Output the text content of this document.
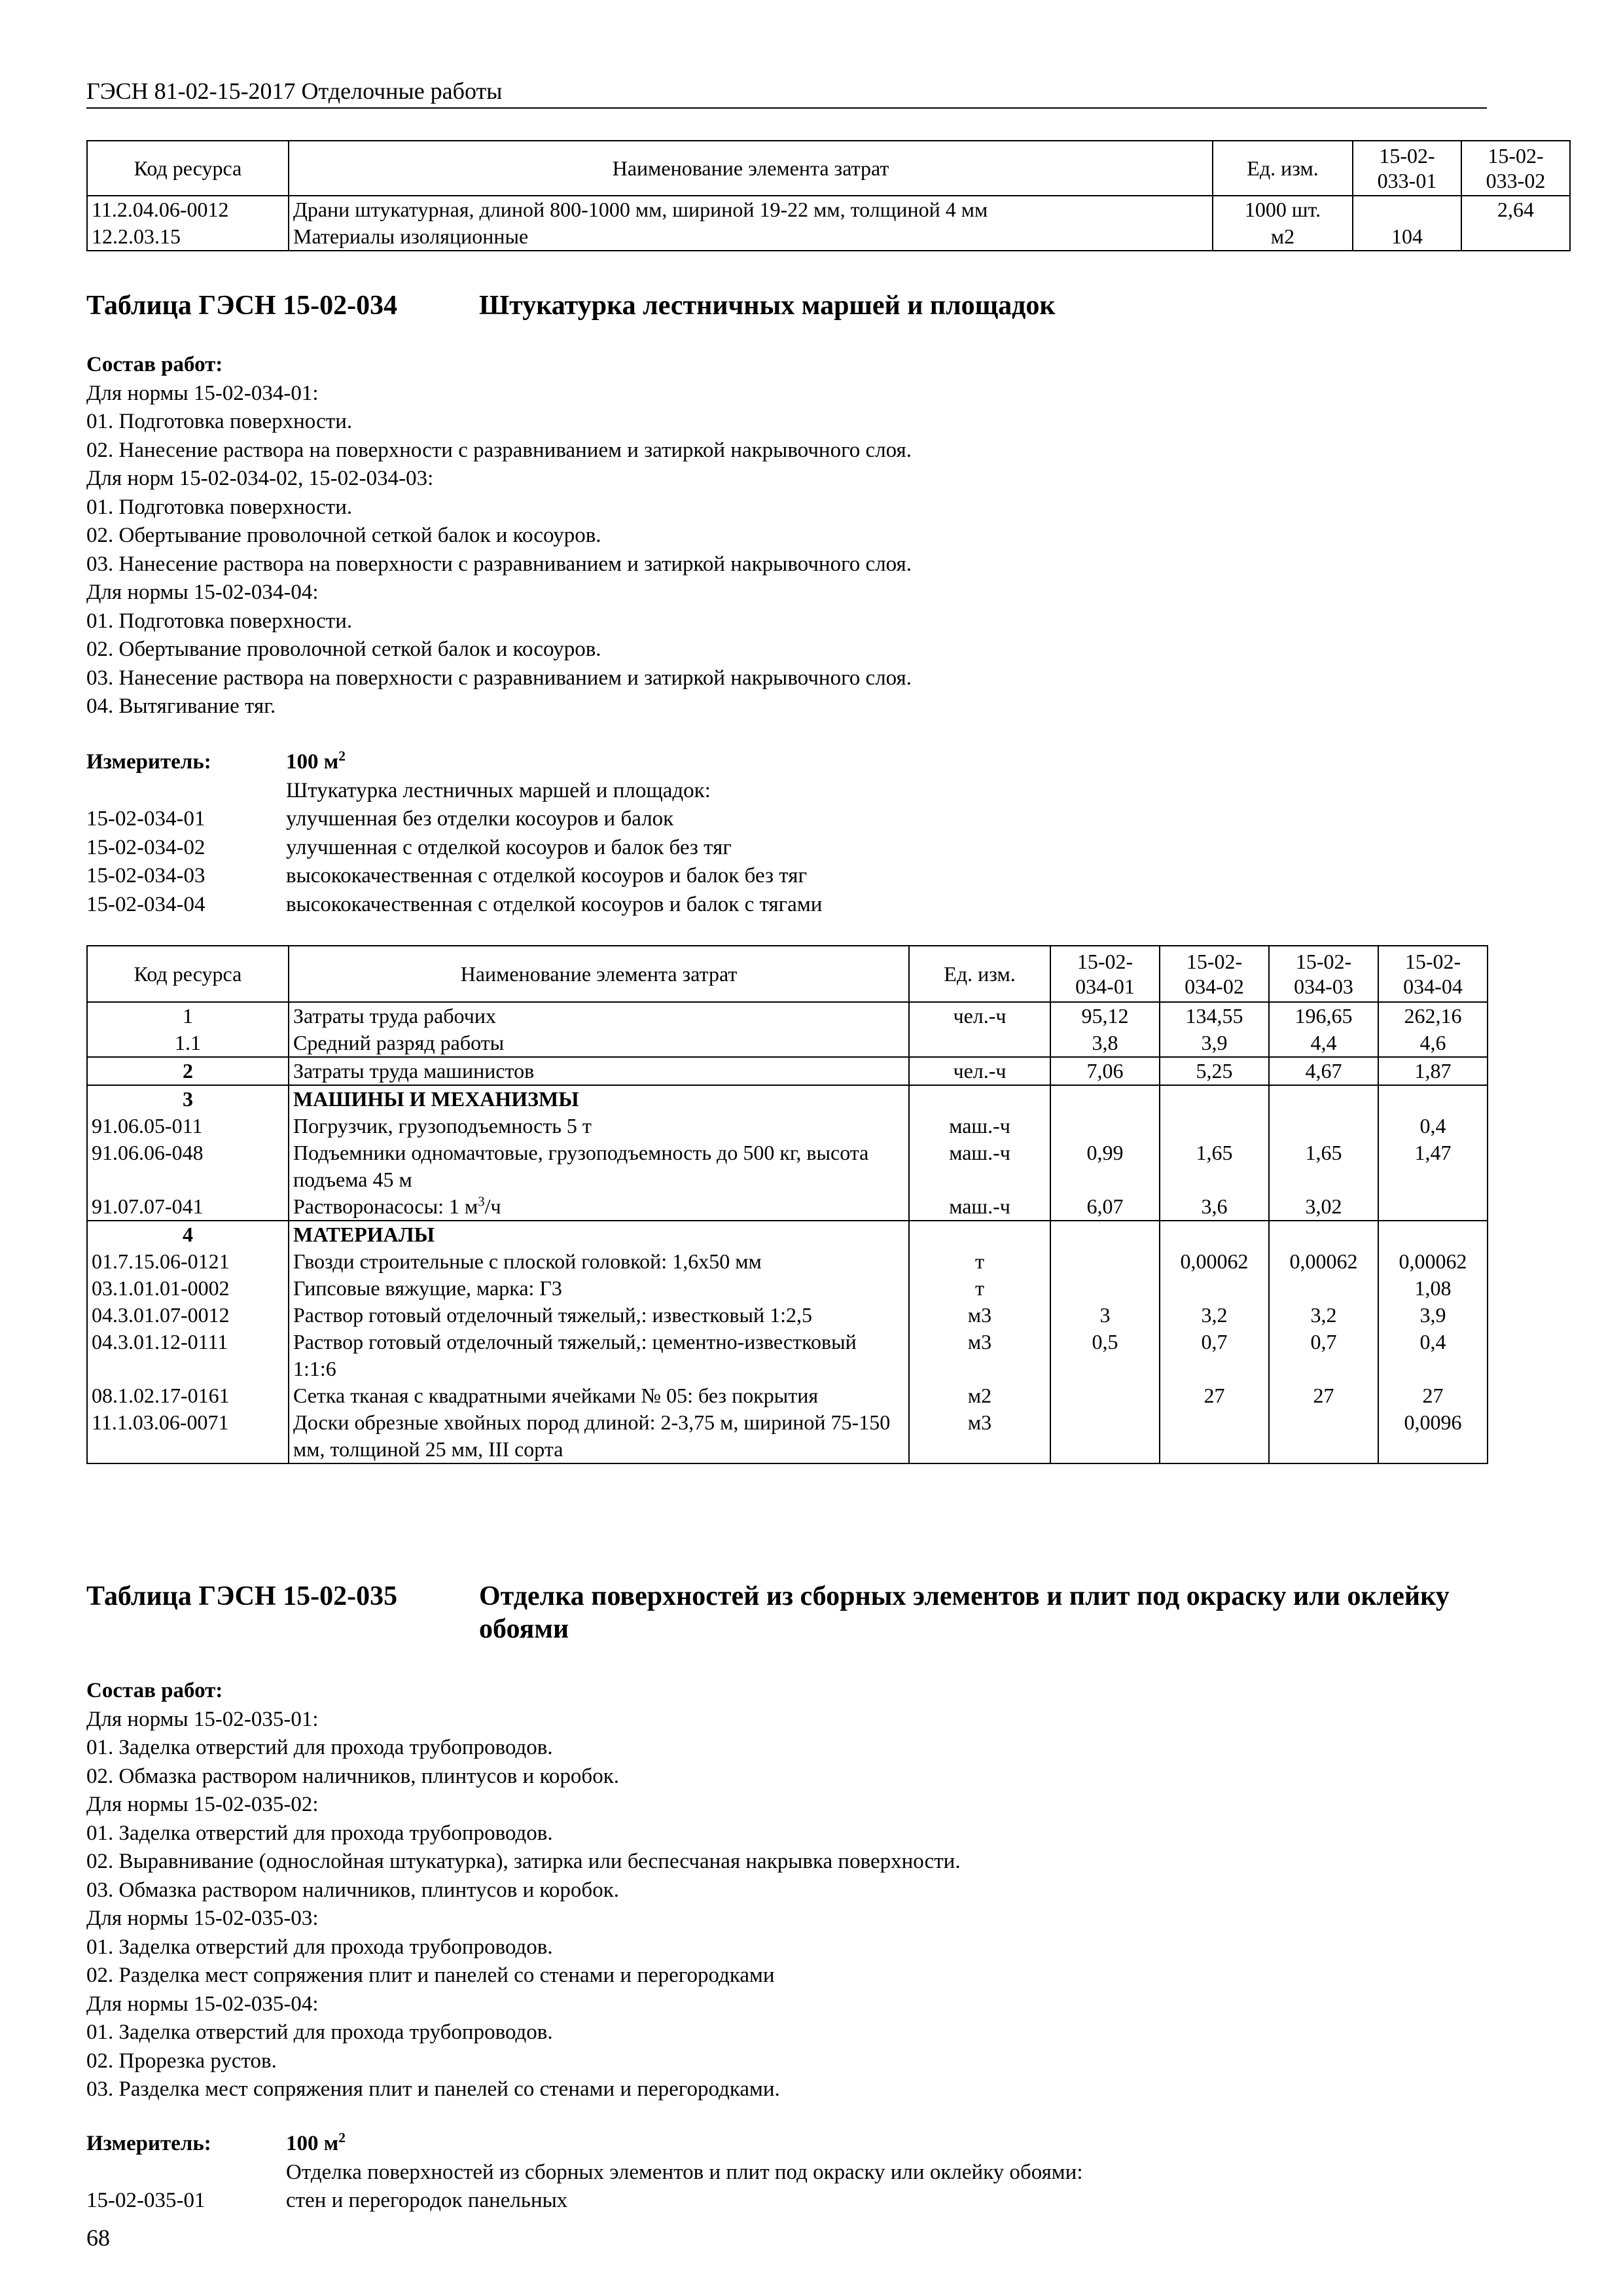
ГЭСН 81-02-15-2017 Отделочные работы
Код ресурса	Наименование элемента затрат	Ед. изм.	15-02-
033-01	15-02-
033-02
11.2.04.06-0012	Драни штукатурная, длиной 800-1000 мм, шириной 19-22 мм, толщиной 4 мм	1000 шт.		2,64
12.2.03.15	Материалы изоляционные	м2	104	
Таблица ГЭСН 15-02-034	Штукатурка лестничных маршей и площадок
Состав работ:
Для нормы 15-02-034-01:
01. Подготовка поверхности.
02. Нанесение раствора на поверхности с разравниванием и затиркой накрывочного слоя.
Для норм 15-02-034-02, 15-02-034-03:
01. Подготовка поверхности.
02. Обертывание проволочной сеткой балок и косоуров.
03. Нанесение раствора на поверхности с разравниванием и затиркой накрывочного слоя.
Для нормы 15-02-034-04:
01. Подготовка поверхности.
02. Обертывание проволочной сеткой балок и косоуров.
03. Нанесение раствора на поверхности с разравниванием и затиркой накрывочного слоя.
04. Вытягивание тяг.
Измеритель:	100 $м^2$
Штукатурка лестничных маршей и площадок:
15-02-034-01	улучшенная без отделки косоуров и балок
15-02-034-02	улучшенная с отделкой косоуров и балок без тяг
15-02-034-03	высококачественная с отделкой косоуров и балок без тяг
15-02-034-04	высококачественная с отделкой косоуров и балок с тягами
Код ресурса	Наименование элемента затрат	Ед. изм.	15-02-
034-01	15-02-
034-02	15-02-
034-03	15-02-
034-04
1	Затраты труда рабочих	чел.-ч	95,12	134,55	196,65	262,16
1.1	Средний разряд работы		3,8	3,9	4,4	4,6
2	Затраты труда машинистов	чел.-ч	7,06	5,25	4,67	1,87
3	МАШИНЫ И МЕХАНИЗМЫ					
91.06.05-011	Погрузчик, грузоподъемность 5 т	маш.-ч				0,4
91.06.06-048	Подъемники одномачтовые, грузоподъемность до 500 кг, высота подъема 45 м	маш.-ч	0,99	1,65	1,65	1,47
91.07.07-041	Растворонасосы: 1 $м^3/ч$	маш.-ч	6,07	3,6	3,02	
4	МАТЕРИАЛЫ					
01.7.15.06-0121	Гвозди строительные с плоской головкой: 1,6x50 мм	т		0,00062	0,00062	0,00062
03.1.01.01-0002	Гипсовые вяжущие, марка: Г3	т				1,08
04.3.01.07-0012	Раствор готовый отделочный тяжелый,: известковый 1:2,5	м3	3	3,2	3,2	3,9
04.3.01.12-0111	Раствор готовый отделочный тяжелый,: цементно-известковый 1:1:6	м3	0,5	0,7	0,7	0,4
08.1.02.17-0161	Сетка тканая с квадратными ячейками № 05: без покрытия	м2		27	27	27
11.1.03.06-0071	Доски обрезные хвойных пород длиной: 2-3,75 м, шириной 75-150 мм, толщиной 25 мм, III сорта	м3				0,0096
Таблица ГЭСН 15-02-035	Отделка поверхностей из сборных элементов и плит под окраску или оклейку обоями
Состав работ:
Для нормы 15-02-035-01:
01. Заделка отверстий для прохода трубопроводов.
02. Обмазка раствором наличников, плинтусов и коробок.
Для нормы 15-02-035-02:
01. Заделка отверстий для прохода трубопроводов.
02. Выравнивание (однослойная штукатурка), затирка или беспесчаная накрывка поверхности.
03. Обмазка раствором наличников, плинтусов и коробок.
Для нормы 15-02-035-03:
01. Заделка отверстий для прохода трубопроводов.
02. Разделка мест сопряжения плит и панелей со стенами и перегородками
Для нормы 15-02-035-04:
01. Заделка отверстий для прохода трубопроводов.
02. Прорезка рустов.
03. Разделка мест сопряжения плит и панелей со стенами и перегородками.
Измеритель:	100 $м^2$
Отделка поверхностей из сборных элементов и плит под окраску или оклейку обоями:
15-02-035-01	стен и перегородок панельных
68
